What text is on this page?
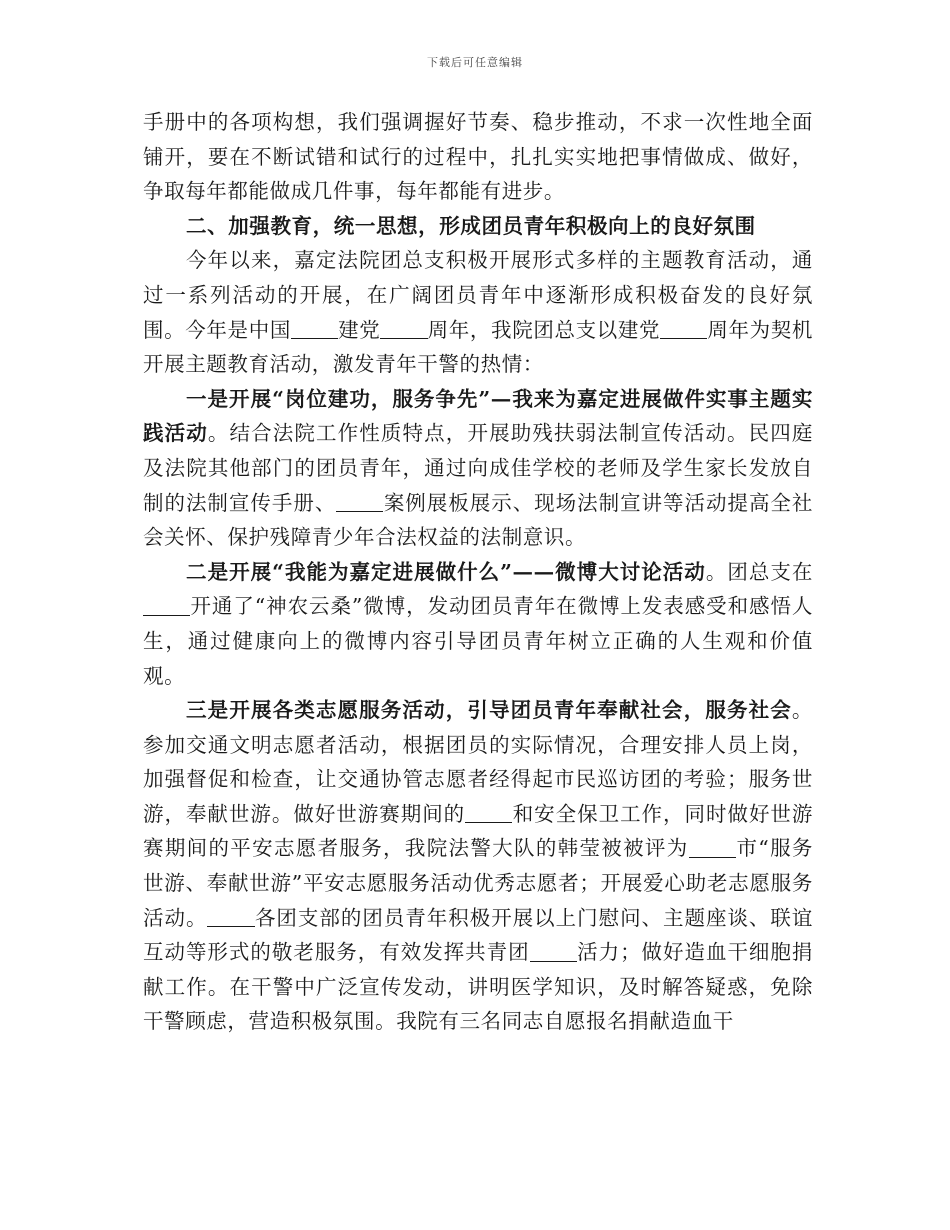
下载后可任意编辑

手册中的各项构想，我们强调握好节奏、稳步推动，不求一次性地全面铺开，要在不断试错和试行的过程中，扎扎实实地把事情做成、做好，争取每年都能做成几件事，每年都能有进步。

二、加强教育，统一思想，形成团员青年积极向上的良好氛围

今年以来，嘉定法院团总支积极开展形式多样的主题教育活动，通过一系列活动的开展，在广阔团员青年中逐渐形成积极奋发的良好氛围。今年是中国 建党 周年，我院团总支以建党 周年为契机开展主题教育活动，激发青年干警的热情：

一是开展“岗位建功，服务争先”—我来为嘉定进展做件实事主题实践活动。结合法院工作性质特点，开展助残扶弱法制宣传活动。民四庭及法院其他部门的团员青年，通过向成佳学校的老师及学生家长发放自制的法制宣传手册、 案例展板展示、现场法制宣讲等活动提高全社会关怀、保护残障青少年合法权益的法制意识。

二是开展“我能为嘉定进展做什么”——微博大讨论活动。团总支在开通了“神农云桑”微博，发动团员青年在微博上发表感受和感悟人生，通过健康向上的微博内容引导团员青年树立正确的人生观和价值观。

三是开展各类志愿服务活动，引导团员青年奉献社会，服务社会。参加交通文明志愿者活动，根据团员的实际情况，合理安排人员上岗，加强督促和检查，让交通协管志愿者经得起市民巡访团的考验；服务世游，奉献世游。做好世游赛期间的 和安全保卫工作，同时做好世游赛期间的平安志愿者服务，我院法警大队的韩莹被被评为 市“服务世游、奉献世游”平安志愿服务活动优秀志愿者；开展爱心助老志愿服务活动。 各团支部的团员青年积极开展以上门慰问、主题座谈、联谊互动等形式的敬老服务，有效发挥共青团 活力；做好造血干细胞捐献工作。在干警中广泛宣传发动，讲明医学知识，及时解答疑惑，免除干警顾虑，营造积极氛围。我院有三名同志自愿报名捐献造血干
